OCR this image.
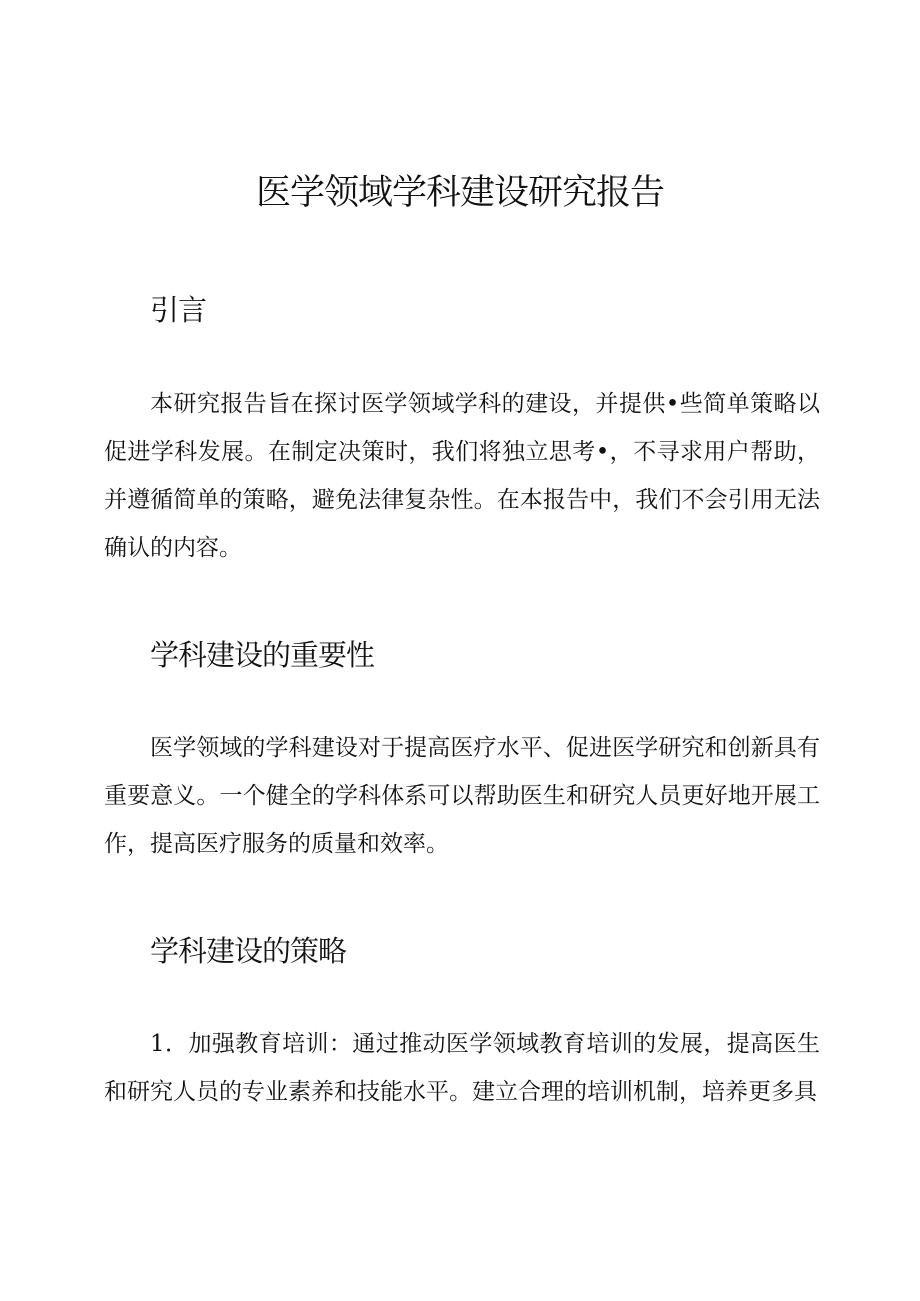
医学领域学科建设研究报告
引言

本研究报告旨在探讨医学领域学科的建设，并提供•些简单策略以促进学科发展。在制定决策时，我们将独立思考•，不寻求用户帮助，并遵循简单的策略，避免法律复杂性。在本报告中，我们不会引用无法确认的内容。

学科建设的重要性

医学领域的学科建设对于提高医疗水平、促进医学研究和创新具有重要意义。一个健全的学科体系可以帮助医生和研究人员更好地开展工作，提高医疗服务的质量和效率。

学科建设的策略

1．加强教育培训：通过推动医学领域教育培训的发展，提高医生和研究人员的专业素养和技能水平。建立合理的培训机制，培养更多具
